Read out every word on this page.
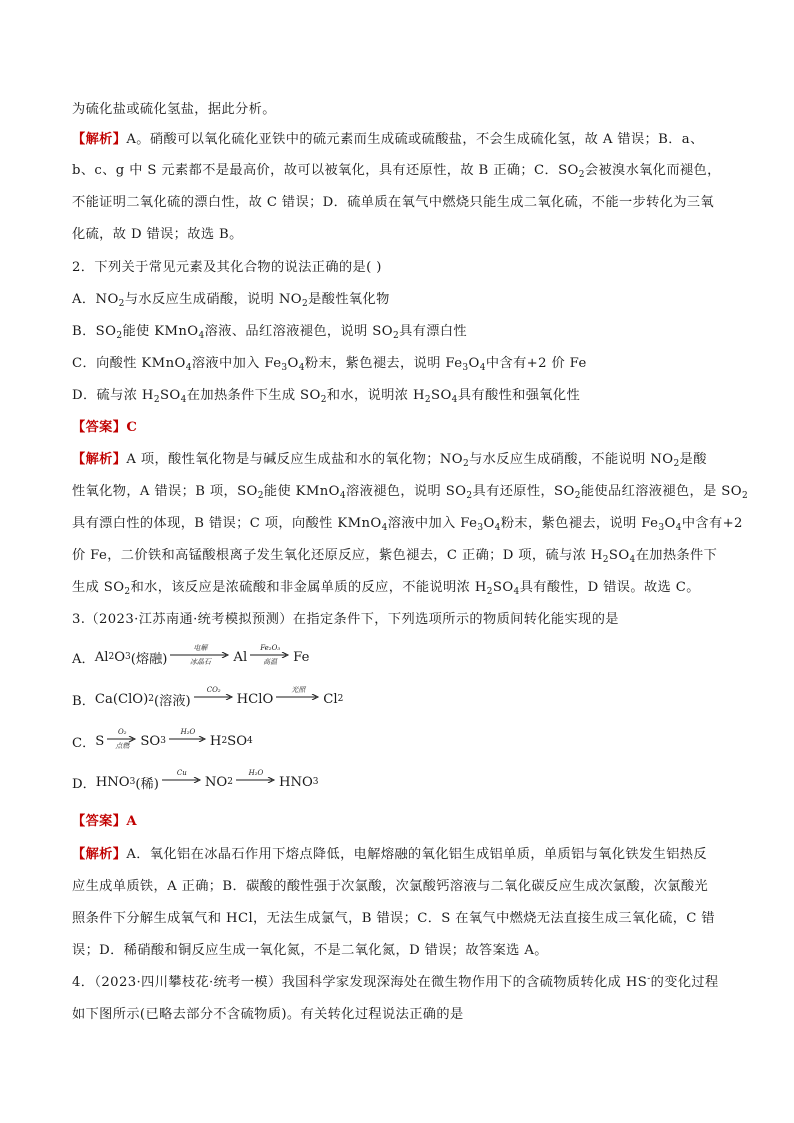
为硫化盐或硫化氢盐，据此分析。
【解析】A。硝酸可以氧化硫化亚铁中的硫元素而生成硫或硫酸盐，不会生成硫化氢，故 A 错误；B．a、
b、c、g 中 S 元素都不是最高价，故可以被氧化，具有还原性，故 B 正确；C．$SO_2$会被溴水氧化而褪色，
不能证明二氧化硫的漂白性，故 C 错误；D．硫单质在氧气中燃烧只能生成二氧化硫，不能一步转化为三氧
化硫，故 D 错误；故选 B。
2．下列关于常见元素及其化合物的说法正确的是( )
A．$NO_2$与水反应生成硝酸，说明 $NO_2$是酸性氧化物
B．$SO_2$能使 KMnO$_4$溶液、品红溶液褪色，说明 $SO_2$具有漂白性
C．向酸性 KMnO$_4$溶液中加入 $Fe_3O_4$粉末，紫色褪去，说明 $Fe_3O_4$中含有+2 价 Fe
D．硫与浓 $H_2SO_4$在加热条件下生成 $SO_2$和水，说明浓 $H_2SO_4$具有酸性和强氧化性
【答案】C
【解析】A 项，酸性氧化物是与碱反应生成盐和水的氧化物；$NO_2$与水反应生成硝酸，不能说明 $NO_2$是酸
性氧化物，A 错误；B 项，$SO_2$能使 KMnO$_4$溶液褪色，说明 $SO_2$具有还原性，$SO_2$能使品红溶液褪色，是 $SO_2$
具有漂白性的体现，B 错误；C 项，向酸性 KMnO$_4$溶液中加入 $Fe_3O_4$粉末，紫色褪去，说明 $Fe_3O_4$中含有+2
价 Fe，二价铁和高锰酸根离子发生氧化还原反应，紫色褪去，C 正确；D 项，硫与浓 $H_2SO_4$在加热条件下
生成 $SO_2$和水，该反应是浓硫酸和非金属单质的反应，不能说明浓 $H_2SO_4$具有酸性，D 错误。故选 C。
3.（2023·江苏南通·统考模拟预测）在指定条件下，下列选项所示的物质间转化能实现的是
A． Al 2 O 3 (熔融)
电解
冰晶石 Al
Fe₂O₃
高温 Fe
B． Ca(ClO) 2 (溶液)
CO₂
HClO
光照
Cl 2
C． S
O₂
点燃 SO 3
H₂O
H 2 SO 4
D． HNO 3 (稀)
Cu
NO 2
H₂O
HNO 3
【答案】A
【解析】A．氧化铝在冰晶石作用下熔点降低，电解熔融的氧化铝生成铝单质，单质铝与氧化铁发生铝热反
应生成单质铁，A 正确；B．碳酸的酸性强于次氯酸，次氯酸钙溶液与二氧化碳反应生成次氯酸，次氯酸光
照条件下分解生成氧气和 HCl，无法生成氯气，B 错误；C．S 在氧气中燃烧无法直接生成三氧化硫，C 错
误；D．稀硝酸和铜反应生成一氧化氮，不是二氧化氮，D 错误；故答案选 A。
4．（2023·四川攀枝花·统考一模）我国科学家发现深海处在微生物作用下的含硫物质转化成 HS-的变化过程
如下图所示(已略去部分不含硫物质)。有关转化过程说法正确的是
